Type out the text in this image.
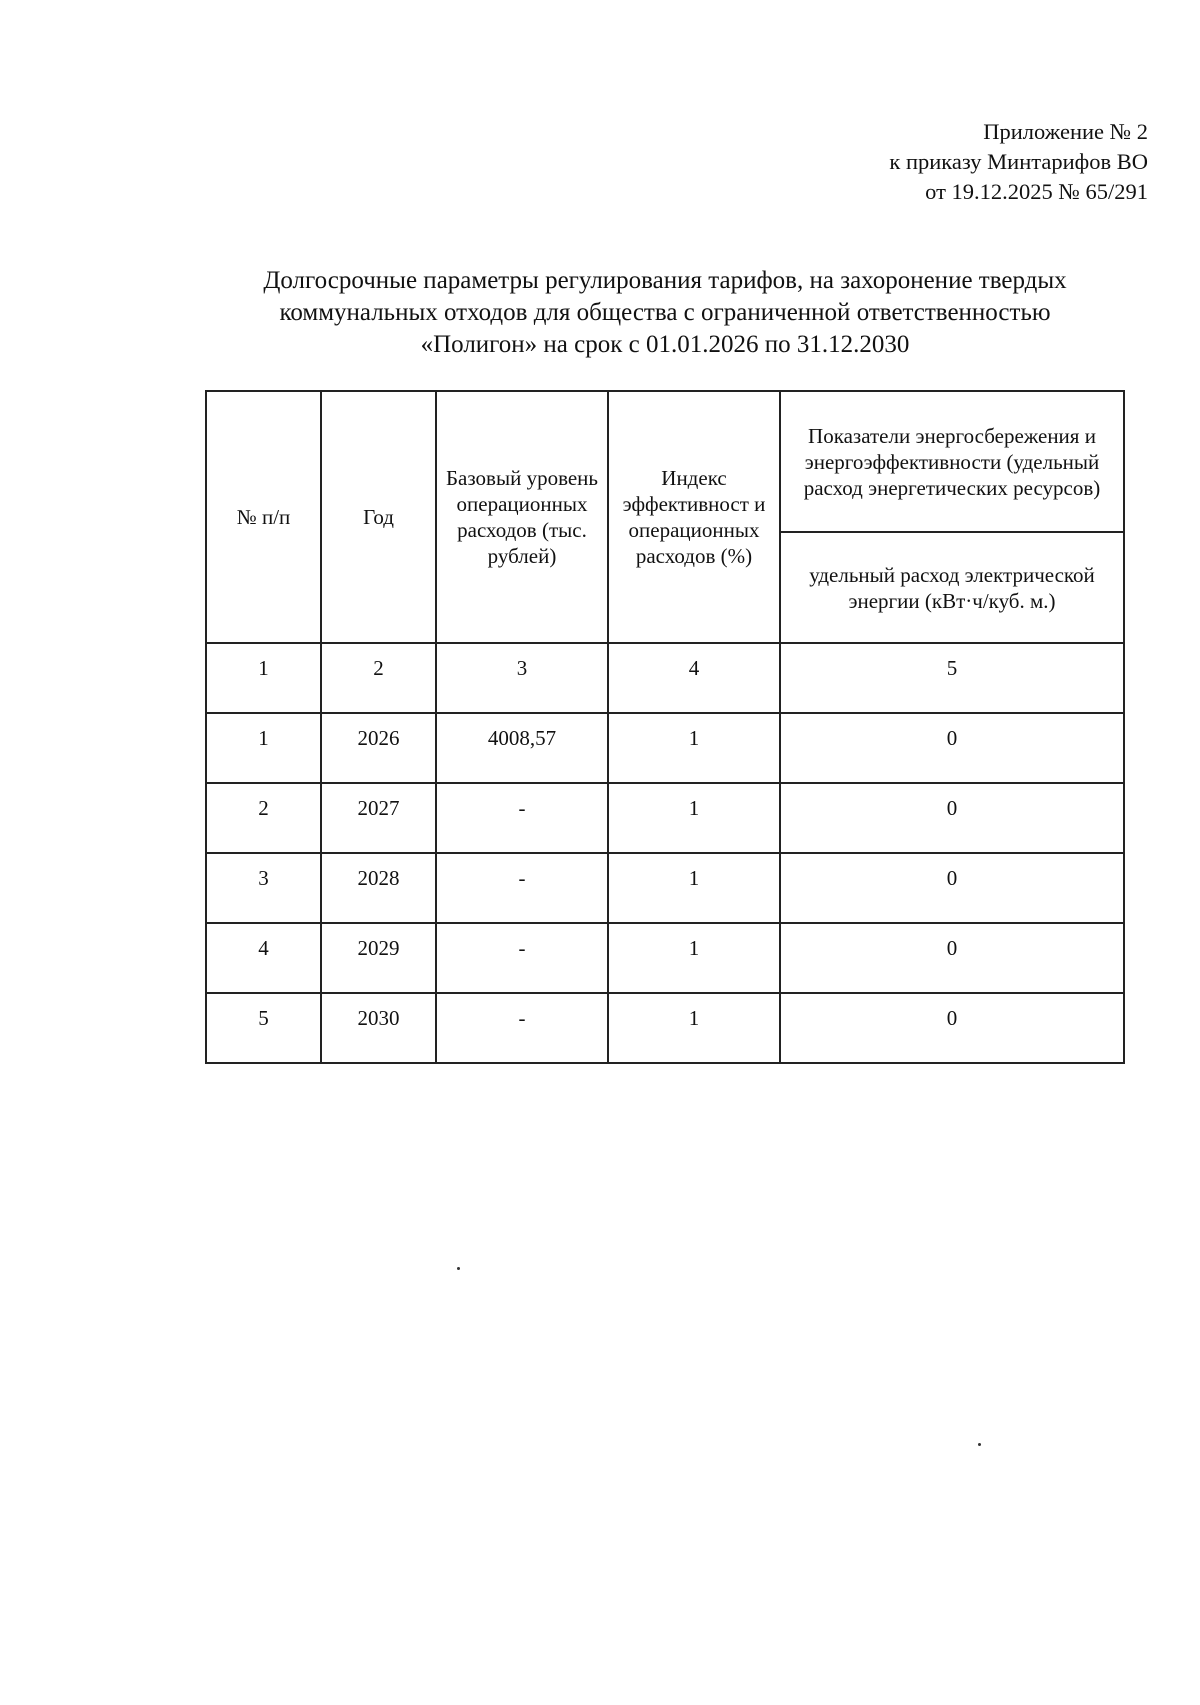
Приложение № 2
к приказу Минтарифов ВО
от 19.12.2025 № 65/291
Долгосрочные параметры регулирования тарифов, на захоронение твердых
коммунальных отходов для общества с ограниченной ответственностью
«Полигон» на срок с 01.01.2026 по 31.12.2030
№ п/п	Год	Базовый уровень операционных расходов (тыс. рублей)	Индекс эффективност и операционных расходов (%)	Показатели энергосбережения и энергоэффективности (удельный расход энергетических ресурсов)
				удельный расход электрической энергии (кВт·ч/куб. м.)
1	2	3	4	5
1	2026	4008,57	1	0
2	2027	-	1	0
3	2028	-	1	0
4	2029	-	1	0
5	2030	-	1	0
